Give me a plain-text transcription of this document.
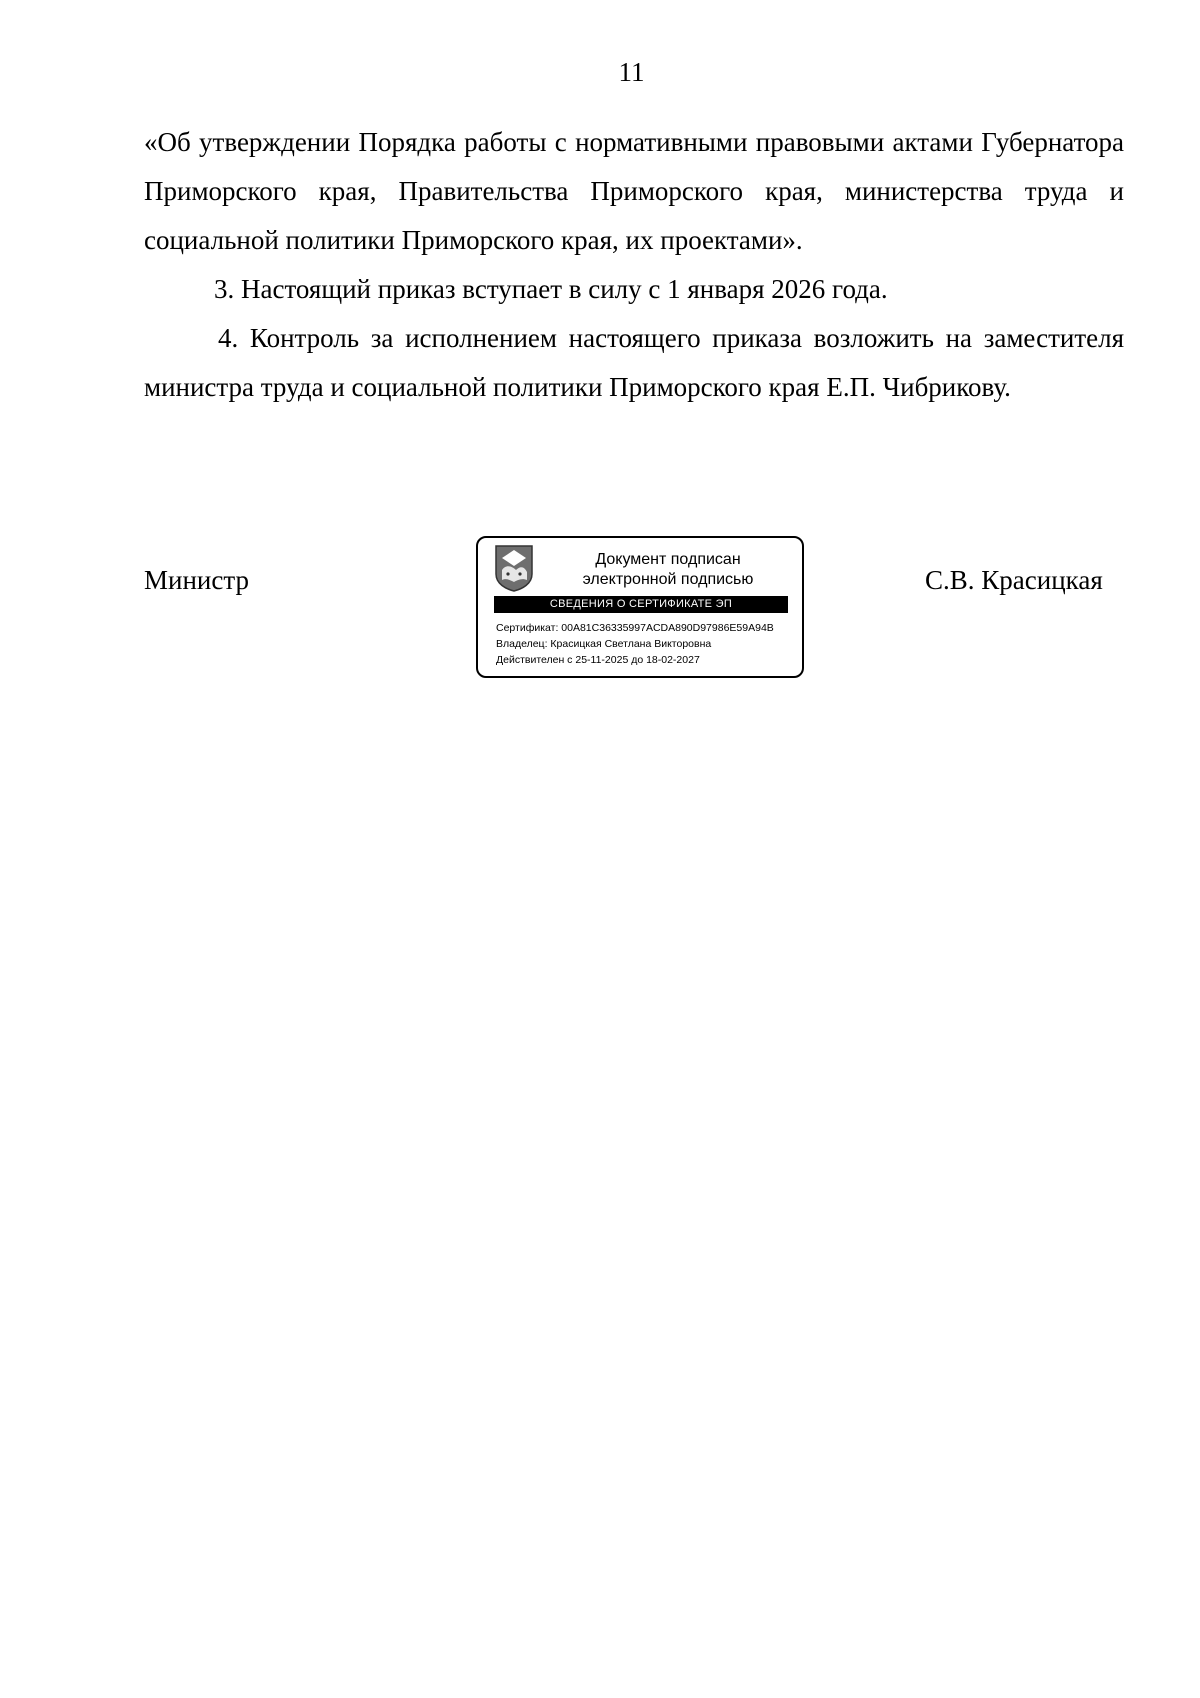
11

«Об утверждении Порядка работы с нормативными правовыми актами Губернатора Приморского края, Правительства Приморского края, министерства труда и социальной политики Приморского края, их проектами».

3. Настоящий приказ вступает в силу с 1 января 2026 года.

4. Контроль за исполнением настоящего приказа возложить на заместителя министра труда и социальной политики Приморского края Е.П. Чибрикову.

Министр	С.В. Красицкая
Документ подписан
электронной подписью
СВЕДЕНИЯ О СЕРТИФИКАТЕ ЭП
Сертификат: 00A81C36335997ACDA890D97986E59A94B
Владелец: Красицкая Светлана Викторовна
Действителен с 25-11-2025 до 18-02-2027
